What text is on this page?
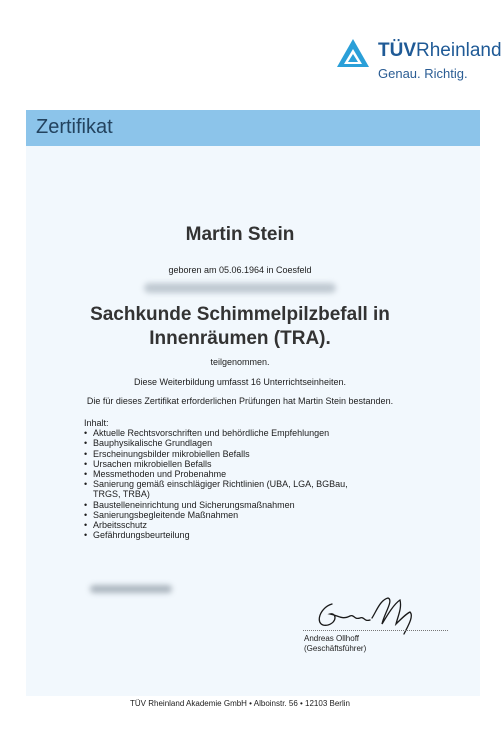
TÜVRheinland
Genau. Richtig.
Zertifikat
Martin Stein
geboren am 05.06.1964 in Coesfeld
Sachkunde Schimmelpilzbefall in
Innenräumen (TRA).
teilgenommen.
Diese Weiterbildung umfasst 16 Unterrichtseinheiten.
Die für dieses Zertifikat erforderlichen Prüfungen hat Martin Stein bestanden.
Inhalt:
• Aktuelle Rechtsvorschriften und behördliche Empfehlungen
• Bauphysikalische Grundlagen
• Erscheinungsbilder mikrobiellen Befalls
• Ursachen mikrobiellen Befalls
• Messmethoden und Probenahme
• Sanierung gemäß einschlägiger Richtlinien (UBA, LGA, BGBau, TRGS, TRBA)
• Baustelleneinrichtung und Sicherungsmaßnahmen
• Sanierungsbegleitende Maßnahmen
• Arbeitsschutz
• Gefährdungsbeurteilung
Andreas Ollhoff
(Geschäftsführer)
TÜV Rheinland Akademie GmbH • Alboinstr. 56 • 12103 Berlin
